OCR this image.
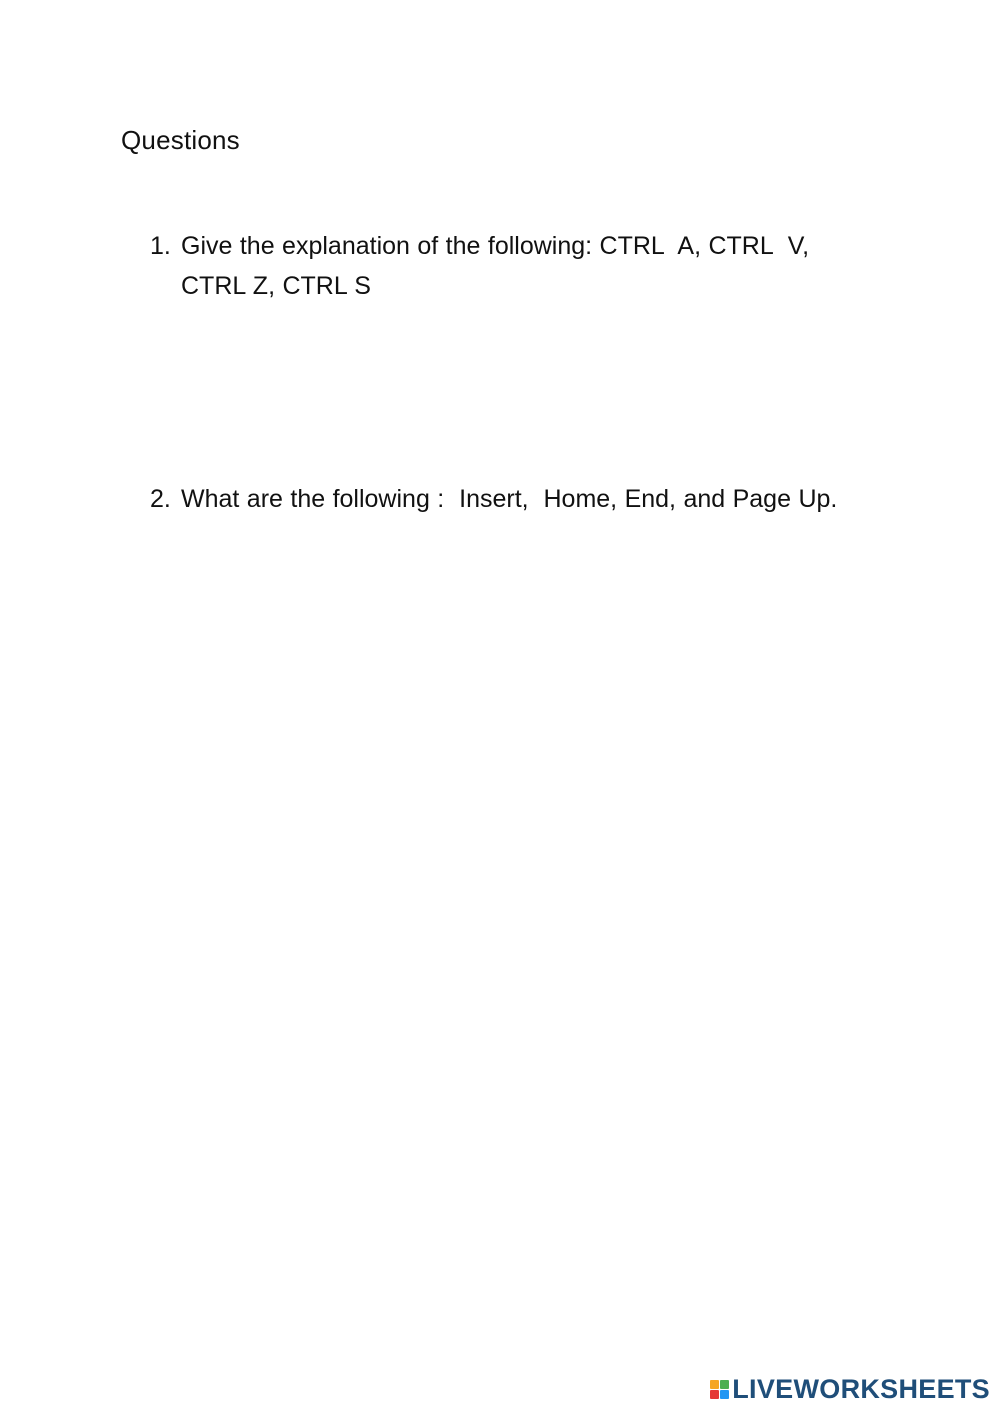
Questions
1. Give the explanation of the following: CTRL  A, CTRL  V, CTRL Z, CTRL S
2. What are the following :  Insert,  Home, End, and Page Up.
LIVEWORKSHEETS
